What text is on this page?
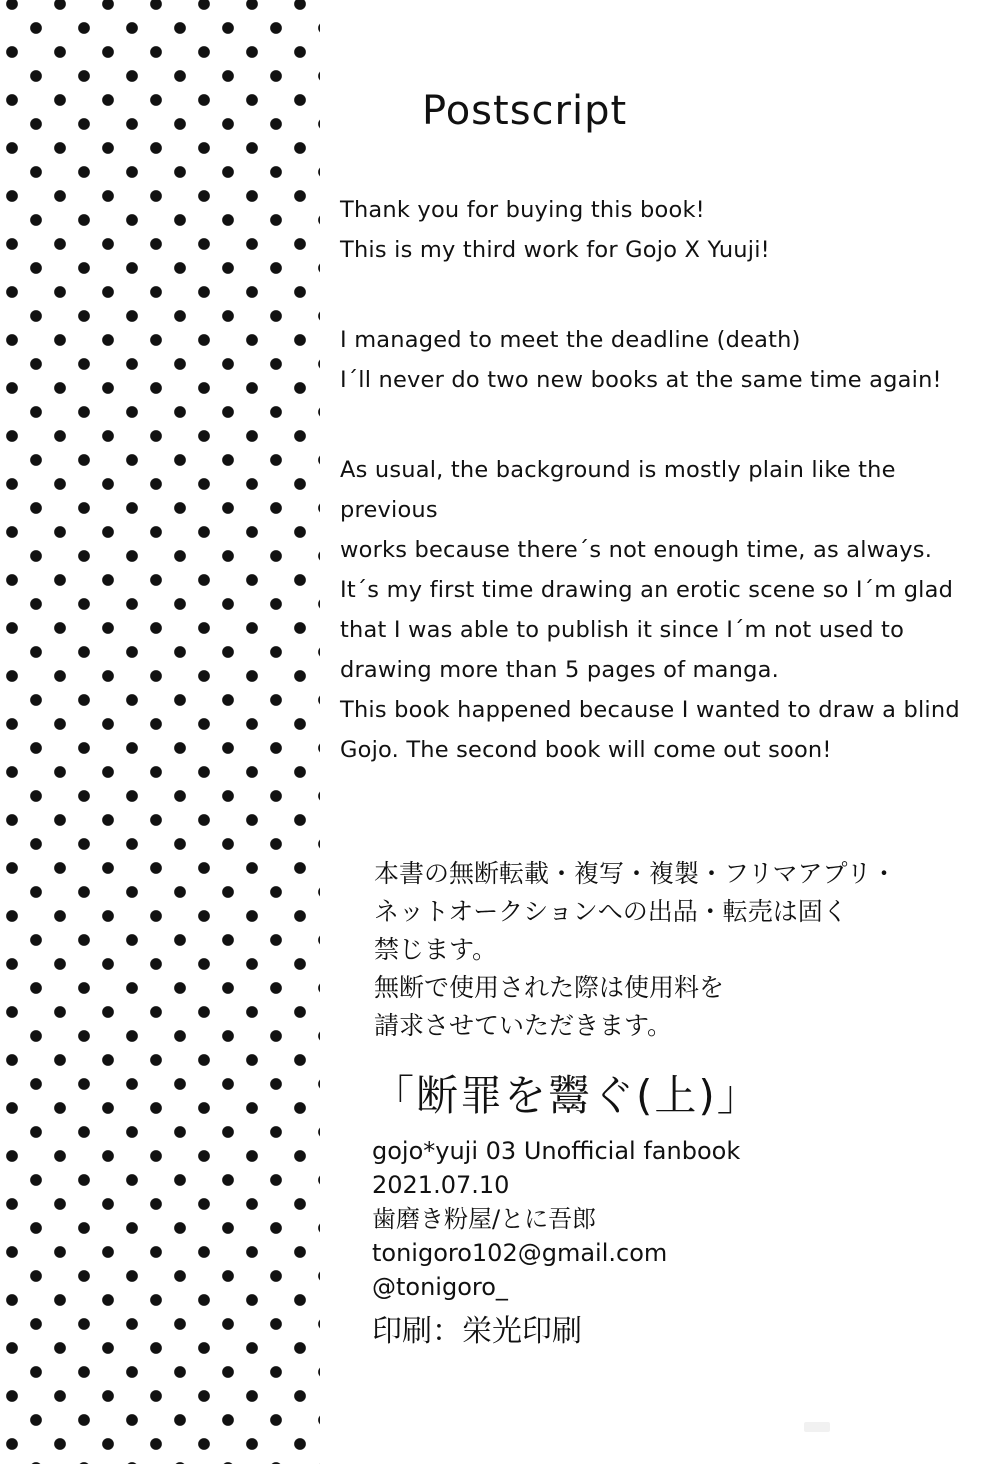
Postscript

Thank you for buying this book!

This is my third work for Gojo X Yuuji!

I managed to meet the deadline (death)

I´ll never do two new books at the same time again!

As usual, the background is mostly plain like the previous

works because there´s not enough time, as always.

It´s my first time drawing an erotic scene so I´m glad

that I was able to publish it since I´m not used to

drawing more than 5 pages of manga.

This book happened because I wanted to draw a blind

Gojo. The second book will come out soon!

本書の無断転載・複写・複製・フリマアプリ・

ネットオークションへの出品・転売は固く

禁じます。

無断で使用された際は使用料を

請求させていただきます。

「断罪を鬻ぐ(上)」

gojo*yuji 03 Unofficial fanbook

2021.07.10

歯磨き粉屋/とに吾郎

tonigoro102@gmail.com

@tonigoro_

印刷：栄光印刷
